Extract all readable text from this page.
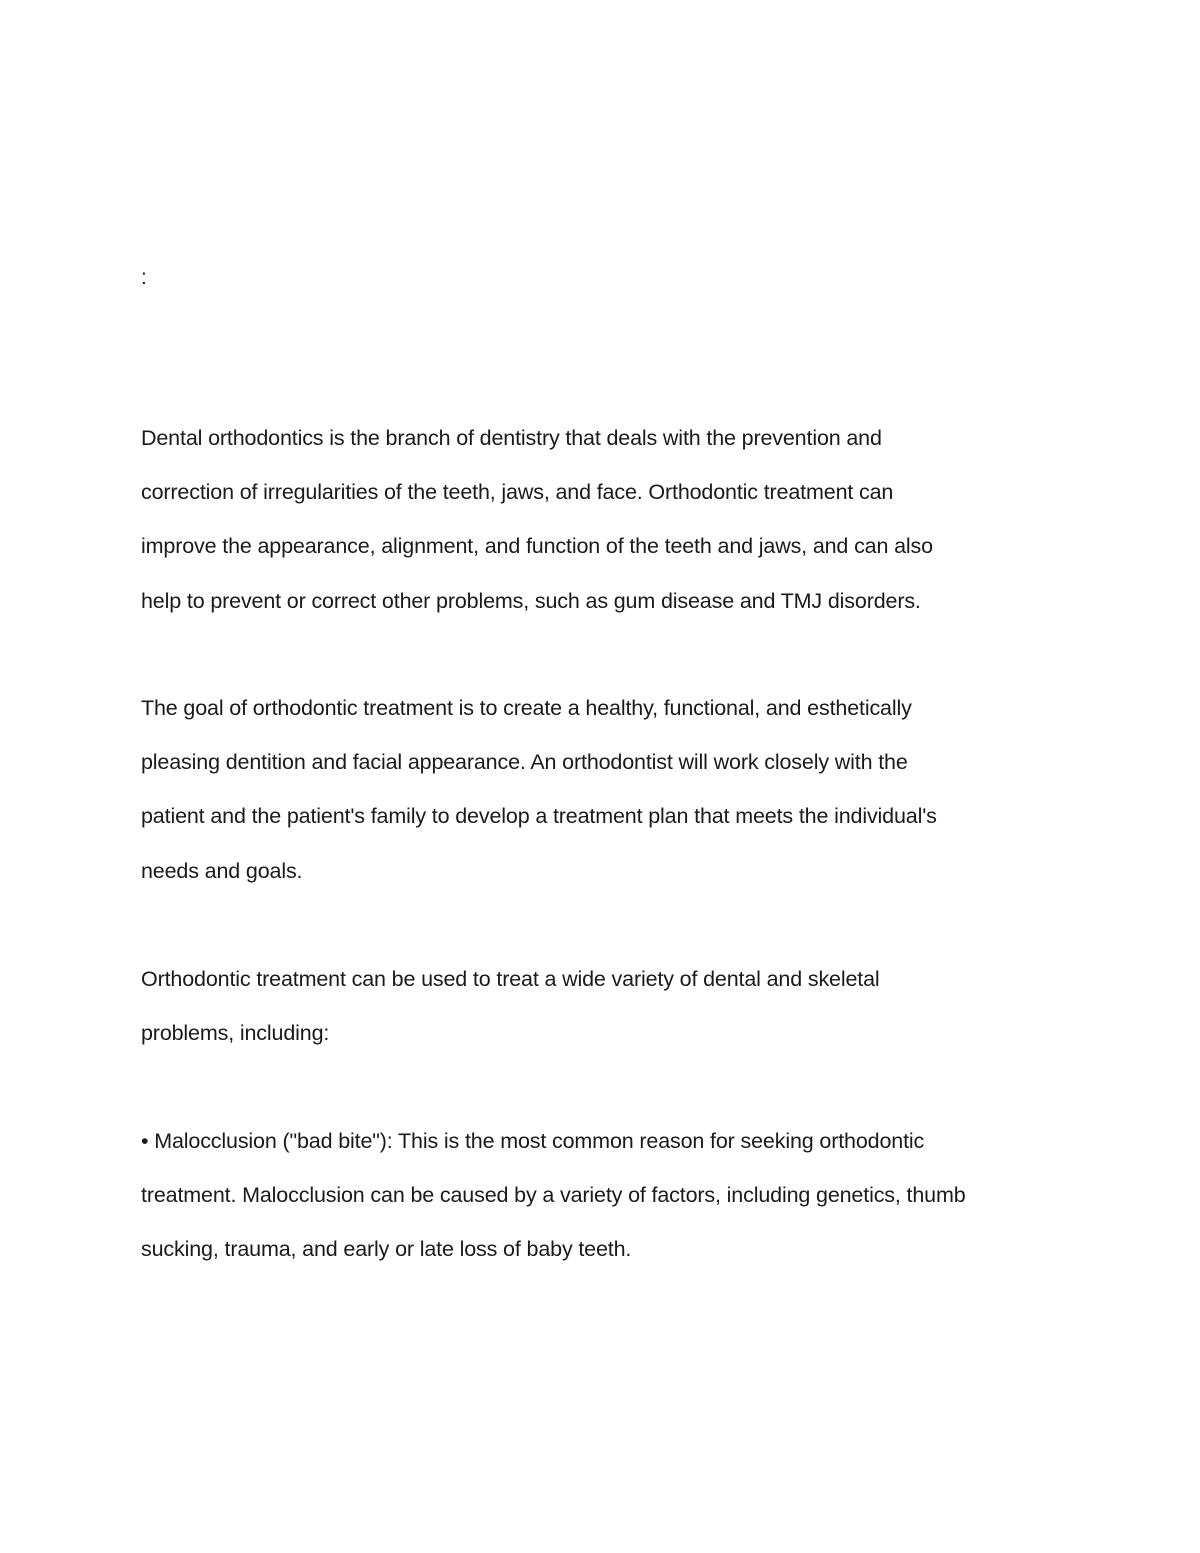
:

Dental orthodontics is the branch of dentistry that deals with the prevention and
correction of irregularities of the teeth, jaws, and face. Orthodontic treatment can
improve the appearance, alignment, and function of the teeth and jaws, and can also
help to prevent or correct other problems, such as gum disease and TMJ disorders.

The goal of orthodontic treatment is to create a healthy, functional, and esthetically
pleasing dentition and facial appearance. An orthodontist will work closely with the
patient and the patient's family to develop a treatment plan that meets the individual's
needs and goals.

Orthodontic treatment can be used to treat a wide variety of dental and skeletal
problems, including:

• Malocclusion ("bad bite"): This is the most common reason for seeking orthodontic
treatment. Malocclusion can be caused by a variety of factors, including genetics, thumb
sucking, trauma, and early or late loss of baby teeth.
